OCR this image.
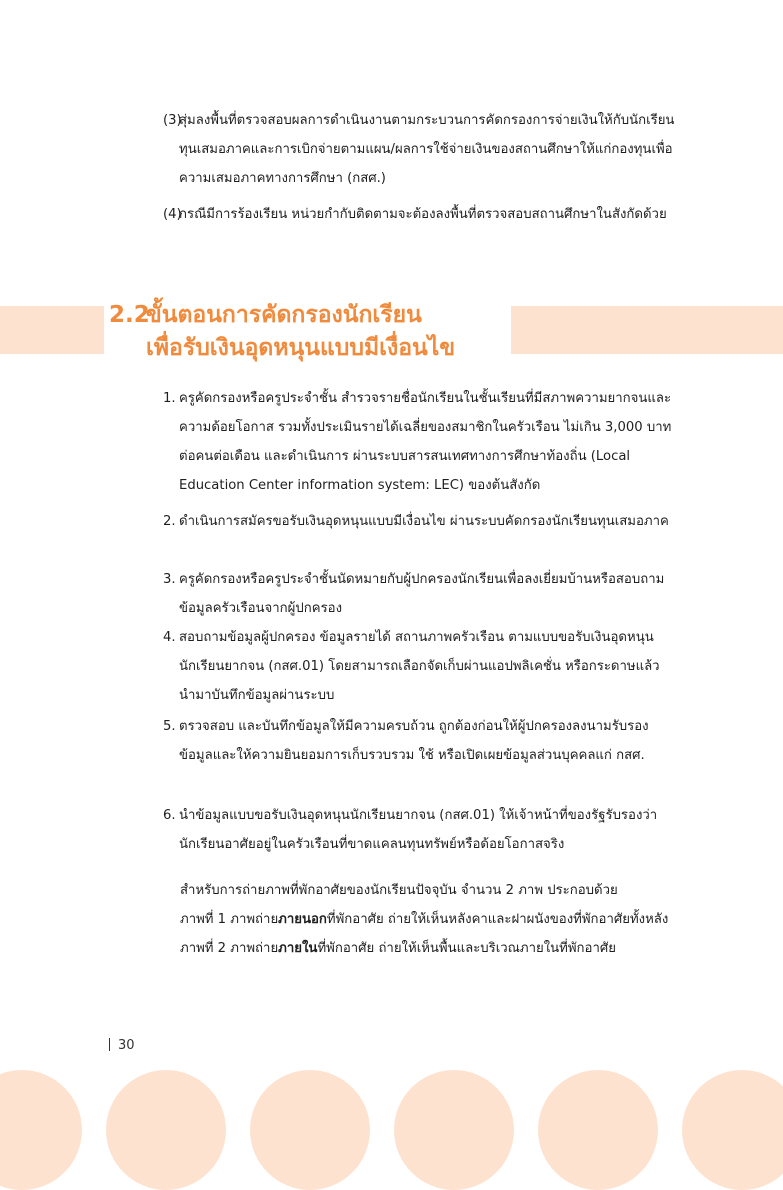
(3)
สุ่มลงพื้นที่ตรวจสอบผลการดำเนินงานตามกระบวนการคัดกรองการจ่ายเงินให้กับนักเรียนทุนเสมอภาคและการเบิกจ่ายตามแผน/ผลการใช้จ่ายเงินของสถานศึกษาให้แก่กองทุนเพื่อความเสมอภาคทางการศึกษา (กสศ.)
(4)
กรณีมีการร้องเรียน หน่วยกำกับติดตามจะต้องลงพื้นที่ตรวจสอบสถานศึกษาในสังกัดด้วย
2.2
ขั้นตอนการคัดกรองนักเรียน
เพื่อรับเงินอุดหนุนแบบมีเงื่อนไข
1. ครูคัดกรองหรือครูประจำชั้น สำรวจรายชื่อนักเรียนในชั้นเรียนที่มีสภาพความยากจนและความด้อยโอกาส รวมทั้งประเมินรายได้เฉลี่ยของสมาชิกในครัวเรือน ไม่เกิน 3,000 บาทต่อคนต่อเดือน และดำเนินการ ผ่านระบบสารสนเทศทางการศึกษาท้องถิ่น (Local Education Center information system: LEC) ของต้นสังกัด
2. ดำเนินการสมัครขอรับเงินอุดหนุนแบบมีเงื่อนไข ผ่านระบบคัดกรองนักเรียนทุนเสมอภาค
3. ครูคัดกรองหรือครูประจำชั้นนัดหมายกับผู้ปกครองนักเรียนเพื่อลงเยี่ยมบ้านหรือสอบถามข้อมูลครัวเรือนจากผู้ปกครอง
4. สอบถามข้อมูลผู้ปกครอง ข้อมูลรายได้ สถานภาพครัวเรือน ตามแบบขอรับเงินอุดหนุนนักเรียนยากจน (กสศ.01) โดยสามารถเลือกจัดเก็บผ่านแอปพลิเคชั่น หรือกระดาษแล้วนำมาบันทึกข้อมูลผ่านระบบ
5. ตรวจสอบ และบันทึกข้อมูลให้มีความครบถ้วน ถูกต้องก่อนให้ผู้ปกครองลงนามรับรองข้อมูลและให้ความยินยอมการเก็บรวบรวม ใช้ หรือเปิดเผยข้อมูลส่วนบุคคลแก่ กสศ.
6. นำข้อมูลแบบขอรับเงินอุดหนุนนักเรียนยากจน (กสศ.01) ให้เจ้าหน้าที่ของรัฐรับรองว่านักเรียนอาศัยอยู่ในครัวเรือนที่ขาดแคลนทุนทรัพย์หรือด้อยโอกาสจริง
สำหรับการถ่ายภาพที่พักอาศัยของนักเรียนปัจจุบัน จำนวน 2 ภาพ ประกอบด้วย
ภาพที่ 1 ภาพถ่ายภายนอกที่พักอาศัย ถ่ายให้เห็นหลังคาและฝาผนังของที่พักอาศัยทั้งหลัง
ภาพที่ 2 ภาพถ่ายภายในที่พักอาศัย ถ่ายให้เห็นพื้นและบริเวณภายในที่พักอาศัย
30
